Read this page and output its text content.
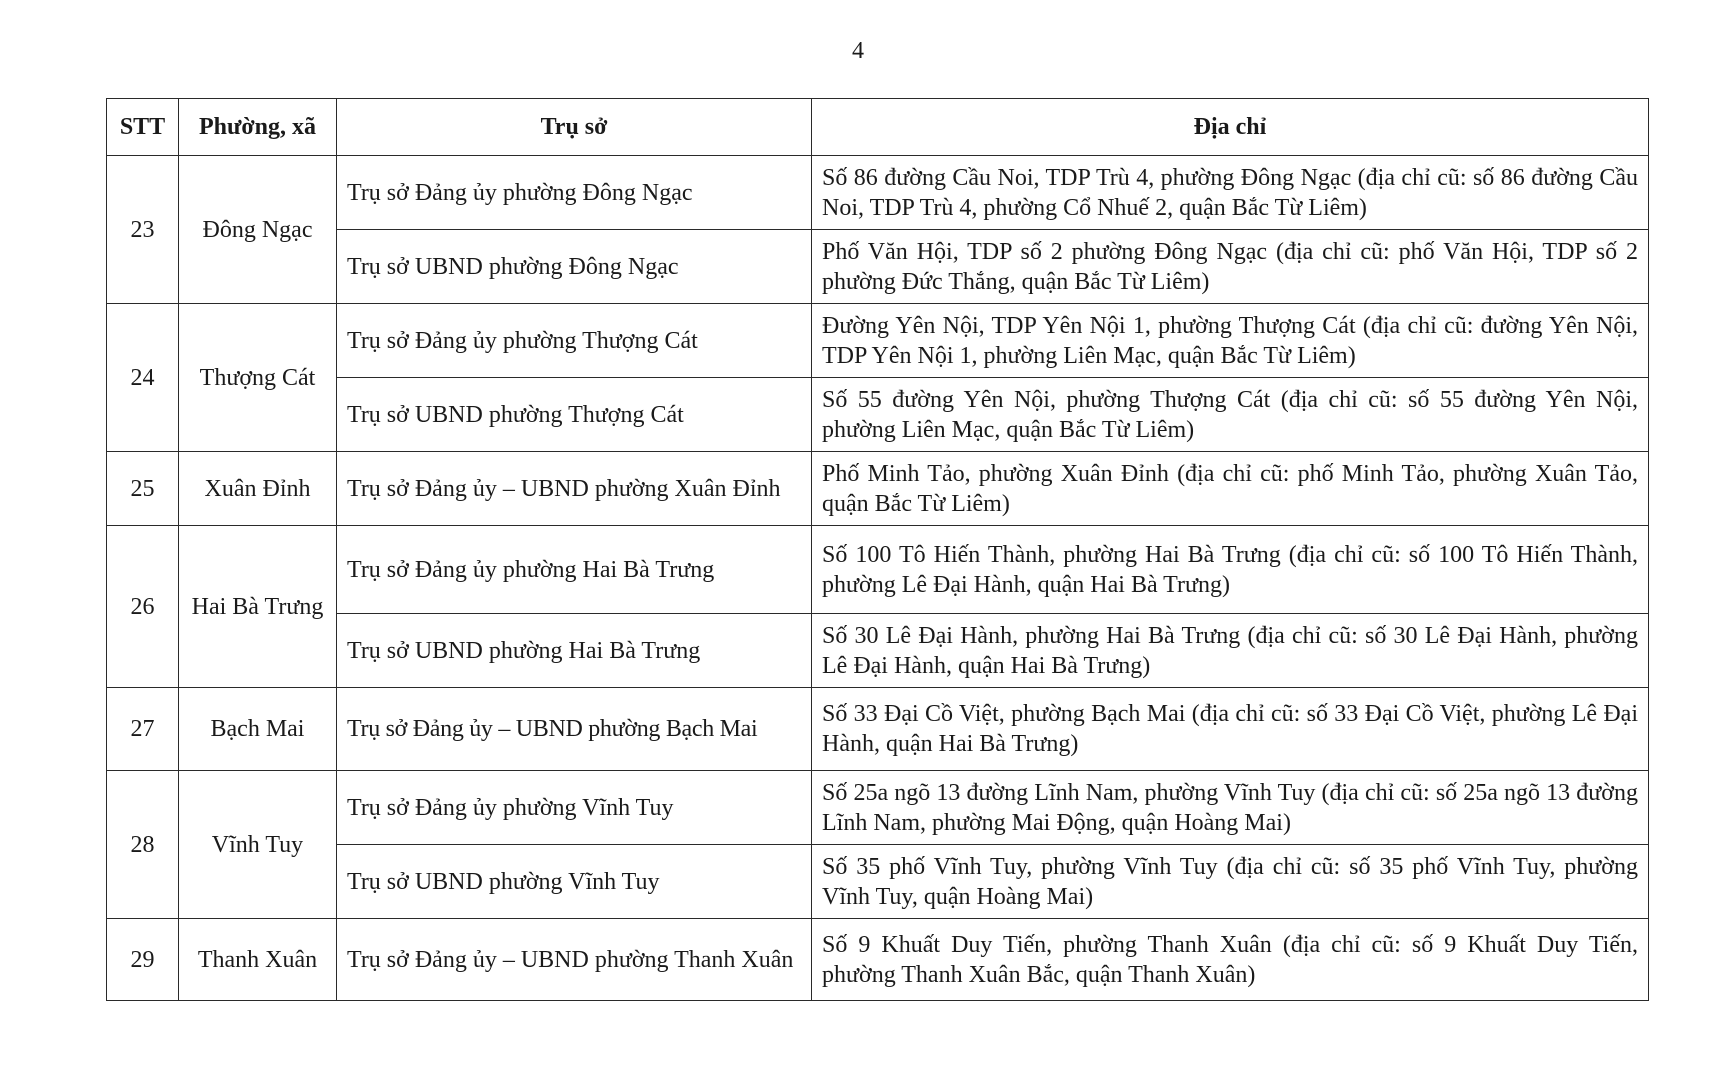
4
STT	Phường, xã	Trụ sở	Địa chỉ
23	Đông Ngạc	Trụ sở Đảng ủy phường Đông Ngạc	Số 86 đường Cầu Noi, TDP Trù 4, phường Đông Ngạc (địa chỉ cũ: số 86 đường Cầu Noi, TDP Trù 4, phường Cổ Nhuế 2, quận Bắc Từ Liêm)
		Trụ sở UBND phường Đông Ngạc	Phố Văn Hội, TDP số 2 phường Đông Ngạc (địa chỉ cũ: phố Văn Hội, TDP số 2 phường Đức Thắng, quận Bắc Từ Liêm)
24	Thượng Cát	Trụ sở Đảng ủy phường Thượng Cát	Đường Yên Nội, TDP Yên Nội 1, phường Thượng Cát (địa chỉ cũ: đường Yên Nội, TDP Yên Nội 1, phường Liên Mạc, quận Bắc Từ Liêm)
		Trụ sở UBND phường Thượng Cát	Số 55 đường Yên Nội, phường Thượng Cát (địa chỉ cũ: số 55 đường Yên Nội, phường Liên Mạc, quận Bắc Từ Liêm)
25	Xuân Đỉnh	Trụ sở Đảng ủy – UBND phường Xuân Đỉnh	Phố Minh Tảo, phường Xuân Đỉnh (địa chỉ cũ: phố Minh Tảo, phường Xuân Tảo, quận Bắc Từ Liêm)
26	Hai Bà Trưng	Trụ sở Đảng ủy phường Hai Bà Trưng	Số 100 Tô Hiến Thành, phường Hai Bà Trưng (địa chỉ cũ: số 100 Tô Hiến Thành, phường Lê Đại Hành, quận Hai Bà Trưng)
		Trụ sở UBND phường Hai Bà Trưng	Số 30 Lê Đại Hành, phường Hai Bà Trưng (địa chỉ cũ: số 30 Lê Đại Hành, phường Lê Đại Hành, quận Hai Bà Trưng)
27	Bạch Mai	Trụ sở Đảng ủy – UBND phường Bạch Mai	Số 33 Đại Cồ Việt, phường Bạch Mai (địa chỉ cũ: số 33 Đại Cồ Việt, phường Lê Đại Hành, quận Hai Bà Trưng)
28	Vĩnh Tuy	Trụ sở Đảng ủy phường Vĩnh Tuy	Số 25a ngõ 13 đường Lĩnh Nam, phường Vĩnh Tuy (địa chỉ cũ: số 25a ngõ 13 đường Lĩnh Nam, phường Mai Động, quận Hoàng Mai)
		Trụ sở UBND phường Vĩnh Tuy	Số 35 phố Vĩnh Tuy, phường Vĩnh Tuy (địa chỉ cũ: số 35 phố Vĩnh Tuy, phường Vĩnh Tuy, quận Hoàng Mai)
29	Thanh Xuân	Trụ sở Đảng ủy – UBND phường Thanh Xuân	Số 9 Khuất Duy Tiến, phường Thanh Xuân (địa chỉ cũ: số 9 Khuất Duy Tiến, phường Thanh Xuân Bắc, quận Thanh Xuân)
